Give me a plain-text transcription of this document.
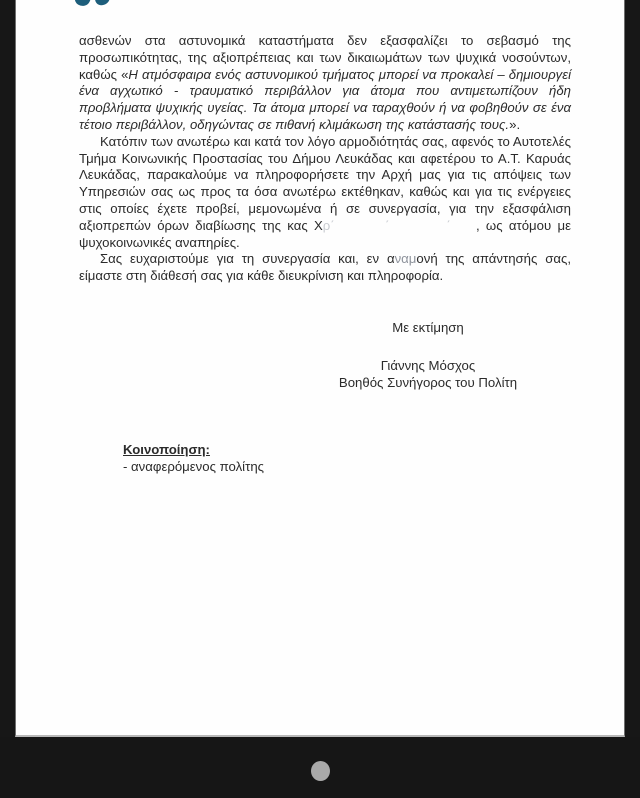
ασθενών στα αστυνομικά καταστήματα δεν εξασφαλίζει το σεβασμό της προσωπικότητας, της αξιοπρέπειας και των δικαιωμάτων των ψυχικά νοσούντων, καθώς «Η ατμόσφαιρα ενός αστυνομικού τμήματος μπορεί να προκαλεί – δημιουργεί ένα αγχωτικό - τραυματικό περιβάλλον για άτομα που αντιμετωπίζουν ήδη προβλήματα ψυχικής υγείας. Τα άτομα μπορεί να ταραχθούν ή να φοβηθούν σε ένα τέτοιο περιβάλλον, οδηγώντας σε πιθανή κλιμάκωση της κατάστασής τους.».

Κατόπιν των ανωτέρω και κατά τον λόγο αρμοδιότητάς σας, αφενός το Αυτοτελές Τμήμα Κοινωνικής Προστασίας του Δήμου Λευκάδας και αφετέρου το Α.Τ. Καρυάς Λευκάδας, παρακαλούμε να πληροφορήσετε την Αρχή μας για τις απόψεις των Υπηρεσιών σας ως προς τα όσα ανωτέρω εκτέθηκαν, καθώς και για τις ενέργειες στις οποίες έχετε προβεί, μεμονωμένα ή σε συνεργασία, για την εξασφάλιση αξιοπρεπών όρων διαβίωσης της κας Χρ΄        ΄         ΄    , ως ατόμου με ψυχοκοινωνικές αναπηρίες.

Σας ευχαριστούμε για τη συνεργασία και, εν αναμονή της απάντησής σας, είμαστε στη διάθεσή σας για κάθε διευκρίνιση και πληροφορία.

Με εκτίμηση
Γιάννης Μόσχος
Βοηθός Συνήγορος του Πολίτη
Κοινοποίηση:
- αναφερόμενος πολίτης
